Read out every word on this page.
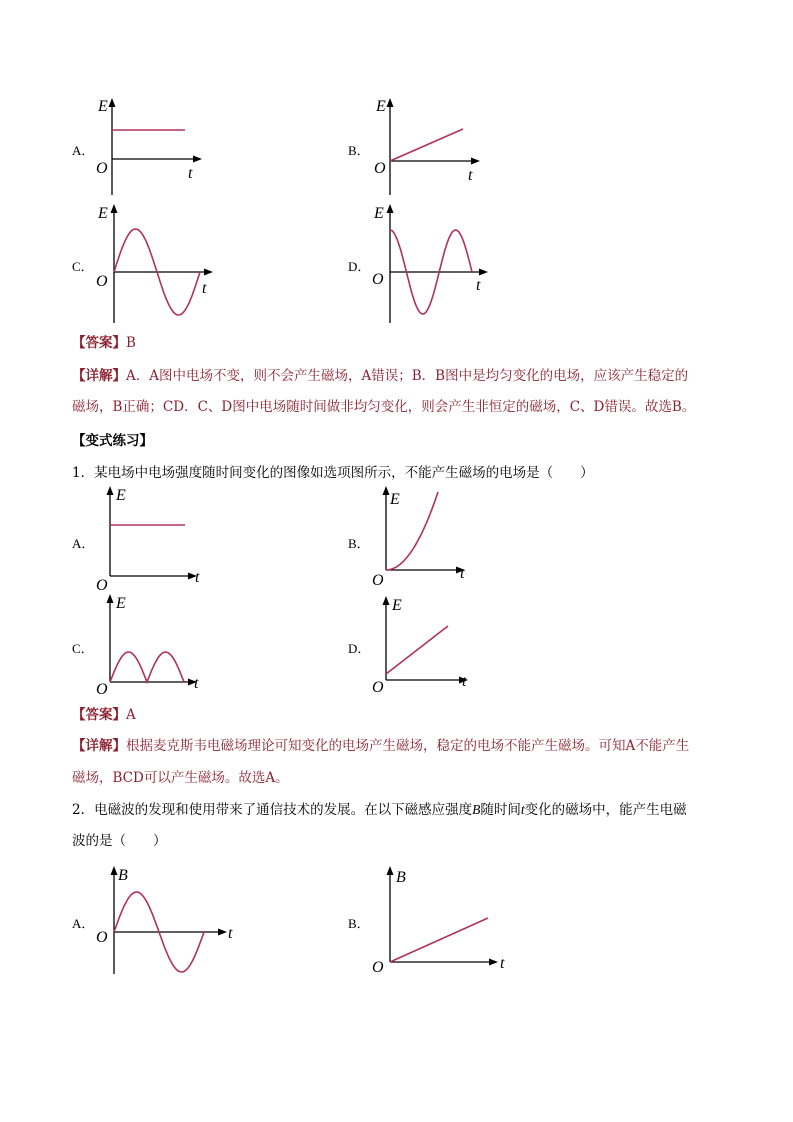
A．
E
O	t
B．
E
O	t
C．
E
O	t
D．
E
O	t
【答案】B
【详解】A．A图中电场不变，则不会产生磁场，A错误；B．B图中是均匀变化的电场，应该产生稳定的
磁场，B正确；CD．C、D图中电场随时间做非均匀变化，则会产生非恒定的磁场，C、D错误。故选B。
【变式练习】
1．某电场中电场强度随时间变化的图像如选项图所示，不能产生磁场的电场是（　　）
A．
E
O	t
B．
E
O	t
C．
E
O	t
D．
E
O	t
【答案】A
【详解】根据麦克斯韦电磁场理论可知变化的电场产生磁场，稳定的电场不能产生磁场。可知A不能产生
磁场，BCD可以产生磁场。故选A。
2．电磁波的发现和使用带来了通信技术的发展。在以下磁感应强度B随时间t变化的磁场中，能产生电磁
波的是（　　）
A．
B
O	t
B．
B
O	t
